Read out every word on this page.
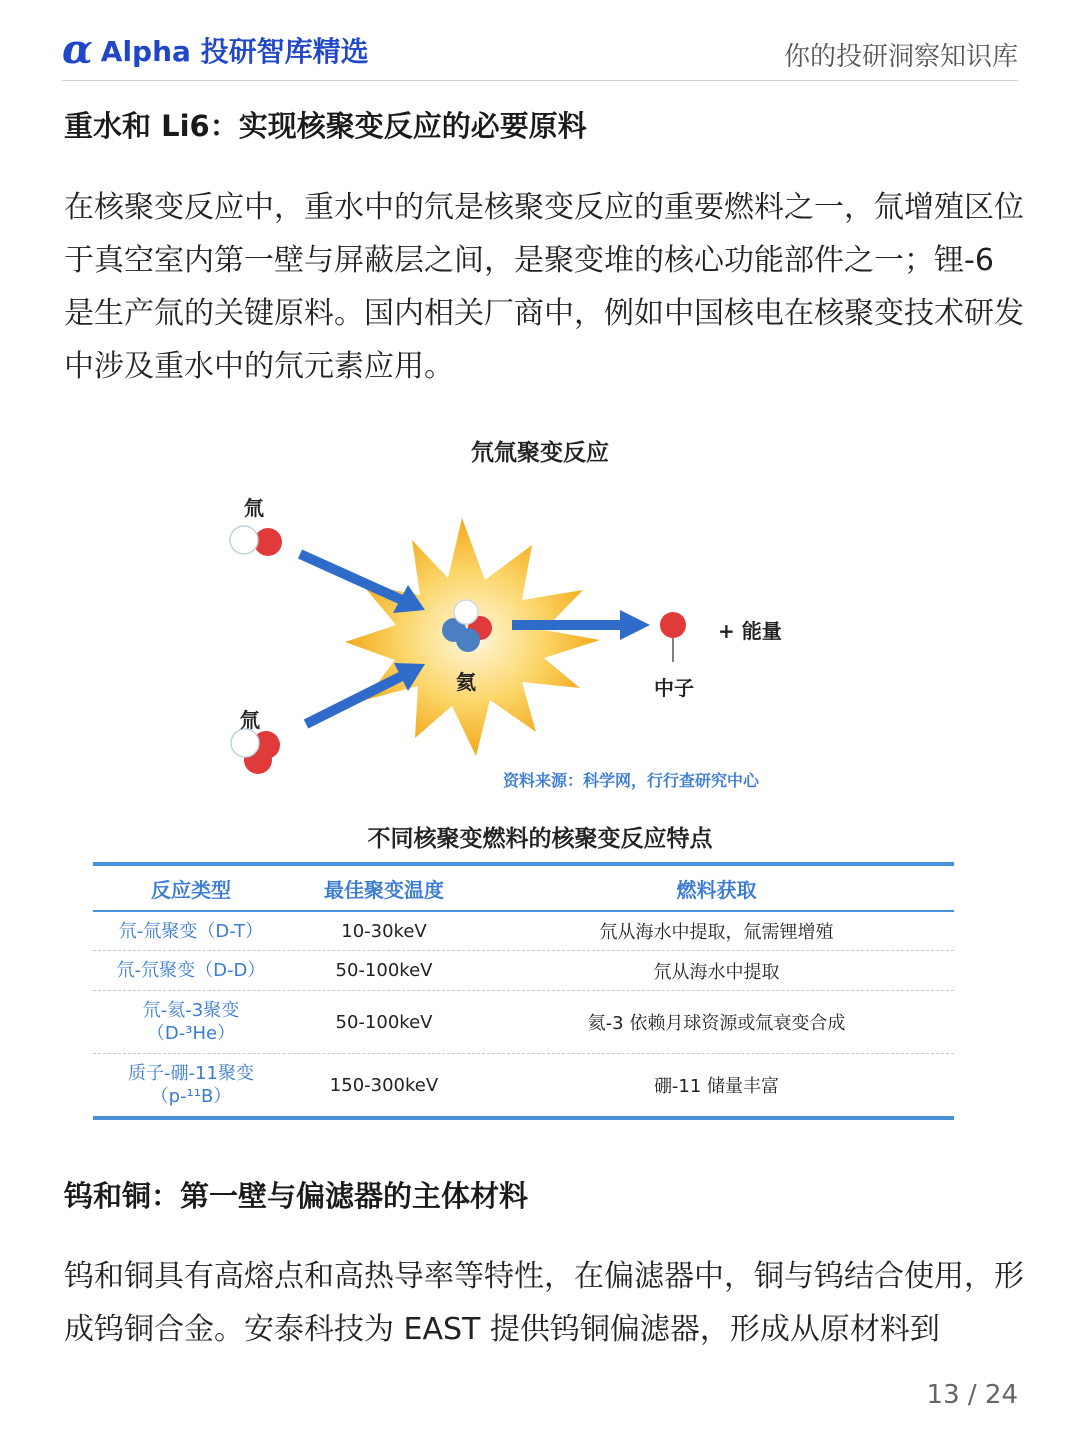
α Alpha 投研智库精选	你的投研洞察知识库
重水和 Li6：实现核聚变反应的必要原料
在核聚变反应中，重水中的氘是核聚变反应的重要燃料之一，氚增殖区位于真空室内第一壁与屏蔽层之间，是聚变堆的核心功能部件之一；锂-6 是生产氚的关键原料。国内相关厂商中，例如中国核电在核聚变技术研发中涉及重水中的氘元素应用。
氘氚聚变反应
氚
氚
氦	中子
+ 能量
资料来源：科学网，行行查研究中心
不同核聚变燃料的核聚变反应特点
反应类型	最佳聚变温度	燃料获取
氘-氚聚变（D-T）	10-30keV	氘从海水中提取，氚需锂增殖
氘-氘聚变（D-D）	50-100keV	氘从海水中提取
氘-氦-3聚变
（D-³He）
50-100keV	氦-3 依赖月球资源或氚衰变合成
质子-硼-11聚变
（p-¹¹B）
150-300keV	硼-11 储量丰富
钨和铜：第一壁与偏滤器的主体材料
钨和铜具有高熔点和高热导率等特性，在偏滤器中，铜与钨结合使用，形成钨铜合金。安泰科技为 EAST 提供钨铜偏滤器，形成从原材料到
13 / 24
